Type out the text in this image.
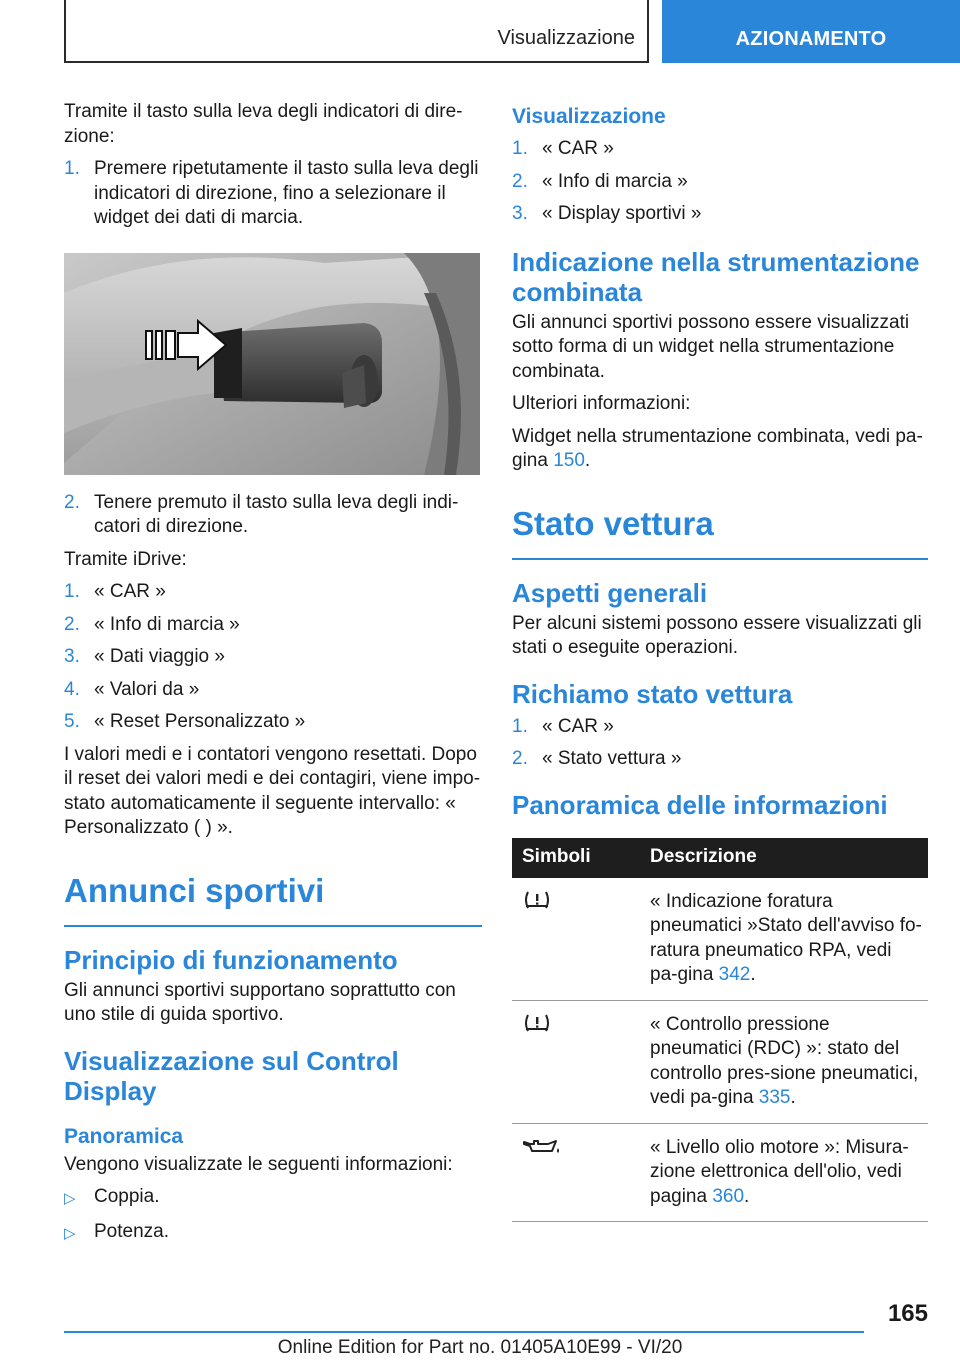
Visualizzazione	AZIONAMENTO

Tramite il tasto sulla leva degli indicatori di dire-zione:

1. Premere ripetutamente il tasto sulla leva degli indicatori di direzione, fino a selezionare il widget dei dati di marcia.
2. Tenere premuto il tasto sulla leva degli indi-catori di direzione.

Tramite iDrive:

1. « CAR »
2. « Info di marcia »
3. « Dati viaggio »
4. « Valori da »
5. « Reset Personalizzato »

I valori medi e i contatori vengono resettati. Dopo il reset dei valori medi e dei contagiri, viene impo-stato automaticamente il seguente intervallo: « Personalizzato ( ) ».

Annunci sportivi
Principio di funzionamento

Gli annunci sportivi supportano soprattutto con uno stile di guida sportivo.

Visualizzazione sul Control Display
Panoramica

Vengono visualizzate le seguenti informazioni:

▷ Coppia.
▷ Potenza.
Visualizzazione
1. « CAR »
2. « Info di marcia »
3. « Display sportivi »
Indicazione nella strumentazione combinata

Gli annunci sportivi possono essere visualizzati sotto forma di un widget nella strumentazione combinata.

Ulteriori informazioni:

Widget nella strumentazione combinata, vedi pa-gina 150.

Stato vettura
Aspetti generali

Per alcuni sistemi possono essere visualizzati gli stati o eseguite operazioni.

Richiamo stato vettura
1. « CAR »
2. « Stato vettura »
Panoramica delle informazioni
Simboli	Descrizione
	« Indicazione foratura pneumatici »Stato dell'avviso fo-ratura pneumatico RPA, vedi pa-gina 342.
	« Controllo pressione pneumatici (RDC) »: stato del controllo pres-sione pneumatici, vedi pa-gina 335.
	« Livello olio motore »: Misura-zione elettronica dell'olio, vedi pagina 360.
165
Online Edition for Part no. 01405A10E99 - VI/20
